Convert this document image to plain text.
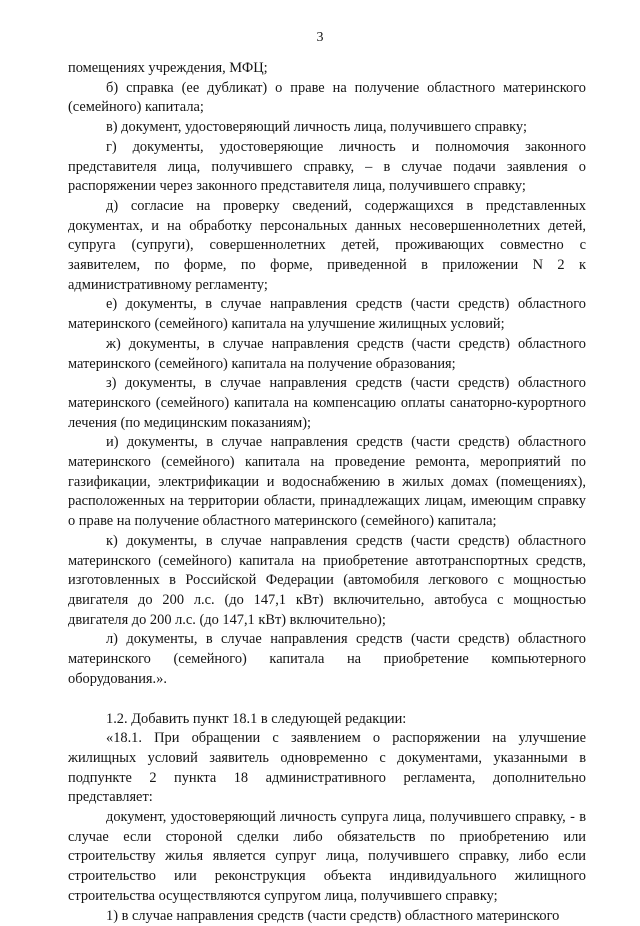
3

помещениях учреждения, МФЦ;

б) справка (ее дубликат) о праве на получение областного материнского (семейного) капитала;

в) документ, удостоверяющий личность лица, получившего справку;

г) документы, удостоверяющие личность и полномочия законного представителя лица, получившего справку, – в случае подачи заявления о распоряжении через законного представителя лица, получившего справку;

д) согласие на проверку сведений, содержащихся в представленных документах, и на обработку персональных данных несовершеннолетних детей, супруга (супруги), совершеннолетних детей, проживающих совместно с заявителем, по форме, по форме, приведенной в приложении N 2 к административному регламенту;

е) документы, в случае направления средств (части средств) областного материнского (семейного) капитала на улучшение жилищных условий;

ж) документы, в случае направления средств (части средств) областного материнского (семейного) капитала на получение образования;

з) документы, в случае направления средств (части средств) областного материнского (семейного) капитала на компенсацию оплаты санаторно-курортного лечения (по медицинским показаниям);

и) документы, в случае направления средств (части средств) областного материнского (семейного) капитала на проведение ремонта, мероприятий по газификации, электрификации и водоснабжению в жилых домах (помещениях), расположенных на территории области, принадлежащих лицам, имеющим справку о праве на получение областного материнского (семейного) капитала;

к) документы, в случае направления средств (части средств) областного материнского (семейного) капитала на приобретение автотранспортных средств, изготовленных в Российской Федерации (автомобиля легкового с мощностью двигателя до 200 л.с. (до 147,1 кВт) включительно, автобуса с мощностью двигателя до 200 л.с. (до 147,1 кВт) включительно);

л) документы, в случае направления средств (части средств) областного материнского (семейного) капитала на приобретение компьютерного оборудования.».

1.2. Добавить пункт 18.1 в следующей редакции:

«18.1. При обращении с заявлением о распоряжении на улучшение жилищных условий заявитель одновременно с документами, указанными в подпункте 2 пункта 18 административного регламента, дополнительно представляет:

документ, удостоверяющий личность супруга лица, получившего справку, - в случае если стороной сделки либо обязательств по приобретению или строительству жилья является супруг лица, получившего справку, либо если строительство или реконструкция объекта индивидуального жилищного строительства осуществляются супругом лица, получившего справку;

1) в случае направления средств (части средств) областного материнского
